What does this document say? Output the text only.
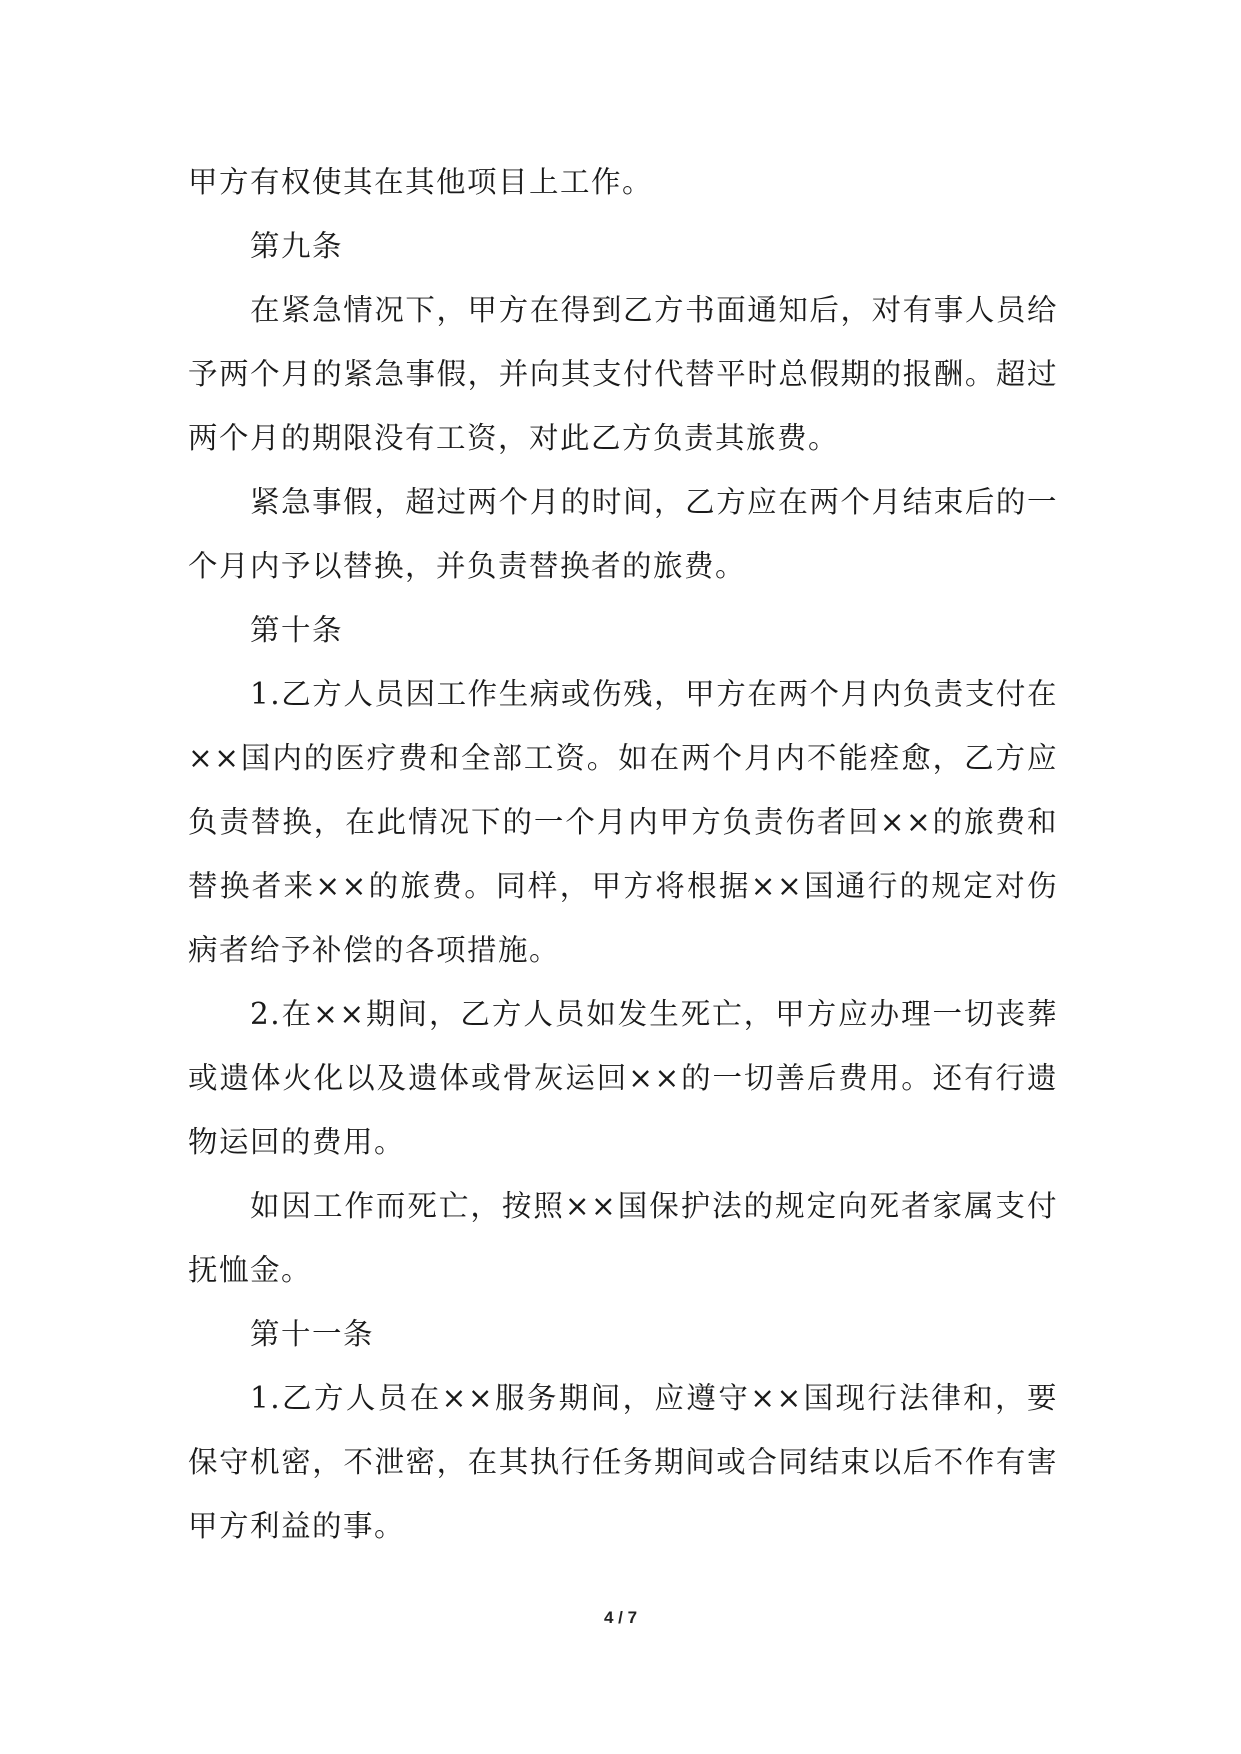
甲方有权使其在其他项目上工作。

第九条

在紧急情况下，甲方在得到乙方书面通知后，对有事人员给予两个月的紧急事假，并向其支付代替平时总假期的报酬。超过两个月的期限没有工资，对此乙方负责其旅费。

紧急事假，超过两个月的时间，乙方应在两个月结束后的一个月内予以替换，并负责替换者的旅费。

第十条

1.乙方人员因工作生病或伤残，甲方在两个月内负责支付在××国内的医疗费和全部工资。如在两个月内不能痊愈，乙方应负责替换，在此情况下的一个月内甲方负责伤者回××的旅费和替换者来××的旅费。同样，甲方将根据××国通行的规定对伤病者给予补偿的各项措施。

2.在××期间，乙方人员如发生死亡，甲方应办理一切丧葬或遗体火化以及遗体或骨灰运回××的一切善后费用。还有行遗物运回的费用。

如因工作而死亡，按照××国保护法的规定向死者家属支付抚恤金。

第十一条

1.乙方人员在××服务期间，应遵守××国现行法律和，要保守机密，不泄密，在其执行任务期间或合同结束以后不作有害甲方利益的事。

4 / 7
